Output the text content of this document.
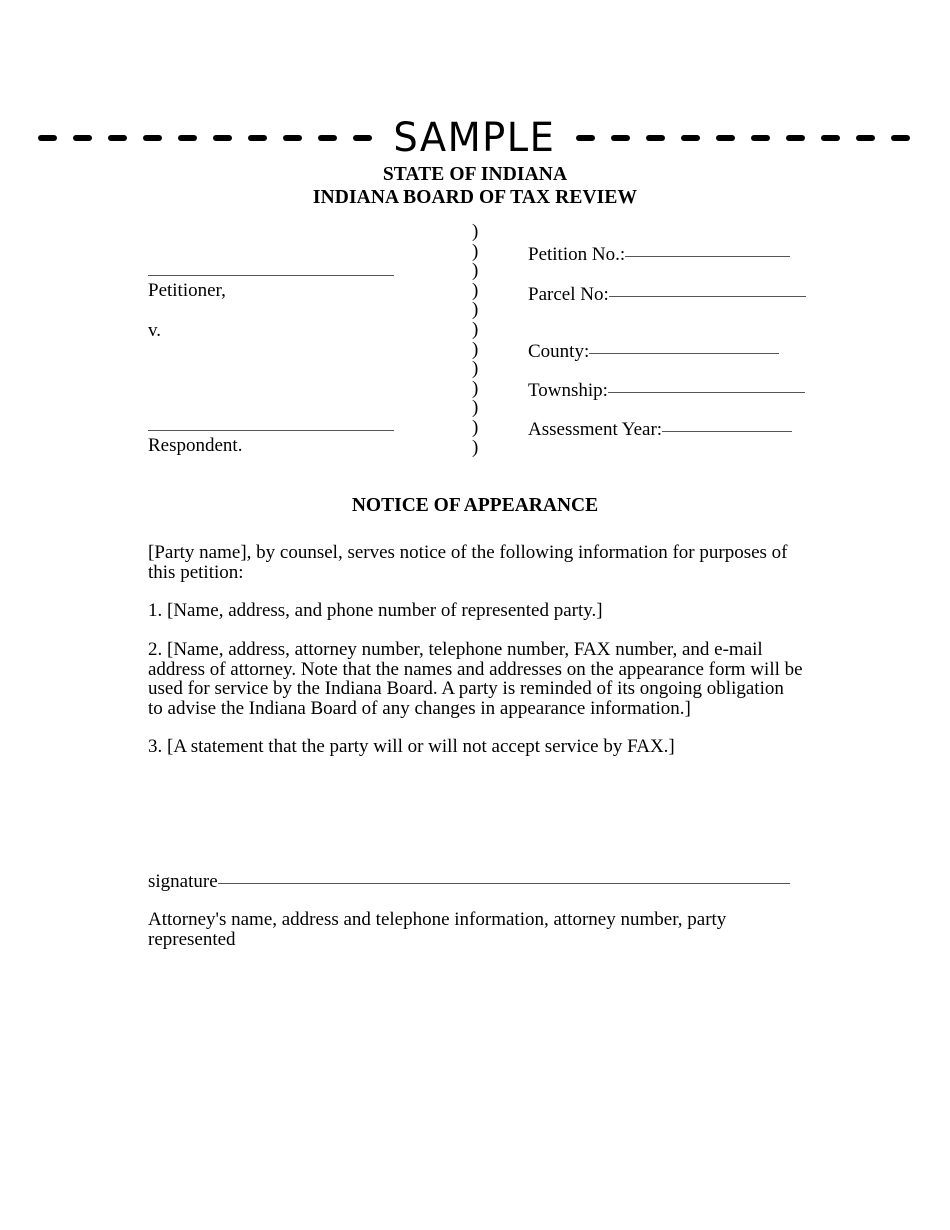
SAMPLE
STATE OF INDIANA
INDIANA BOARD OF TAX REVIEW
Petitioner,
v.
Respondent.
)
)
)
)
)
)
)
)
)
)
)
)
Petition No.:
Parcel No:
County:
Township:
Assessment Year:
NOTICE OF APPEARANCE
[Party name], by counsel, serves notice of the following information for purposes of this petition:
1. [Name, address, and phone number of represented party.]
2. [Name, address, attorney number, telephone number, FAX number, and e-mail address of attorney. Note that the names and addresses on the appearance form will be used for service by the Indiana Board. A party is reminded of its ongoing obligation to advise the Indiana Board of any changes in appearance information.]
3. [A statement that the party will or will not accept service by FAX.]
signature
Attorney's name, address and telephone information, attorney number, party represented
